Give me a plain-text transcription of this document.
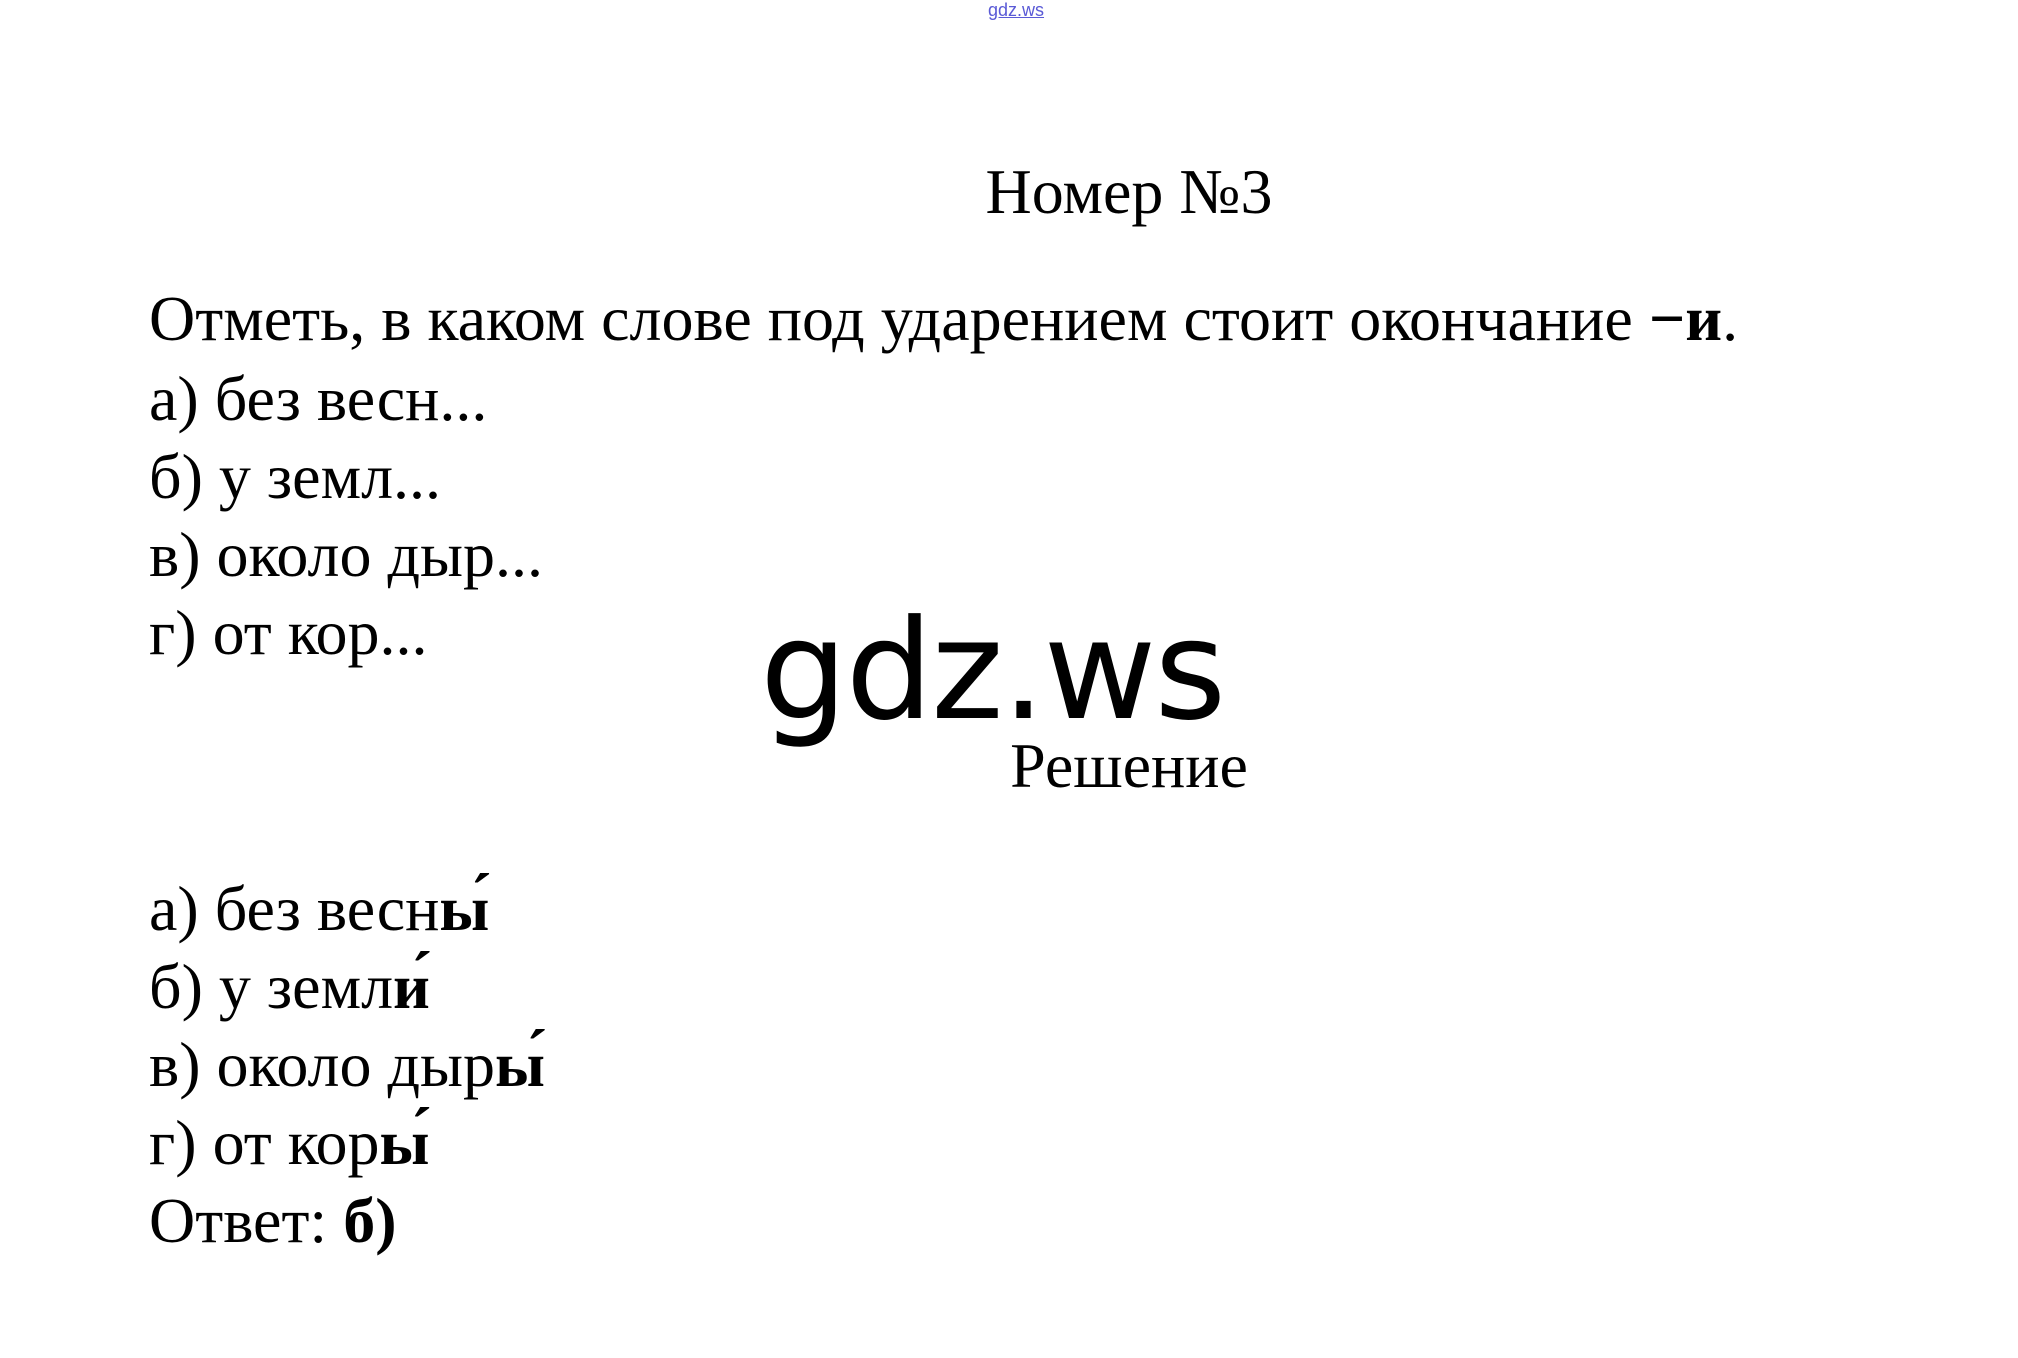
gdz.ws
Номер №3
Отметь, в каком слове под ударением стоит окончание −и.
а) без весн...
б) у земл...
в) около дыр...
г) от кор... gdz.ws
Решение
а) без весны́
б) у земли́
в) около дыры́
г) от коры́
Ответ: б)
